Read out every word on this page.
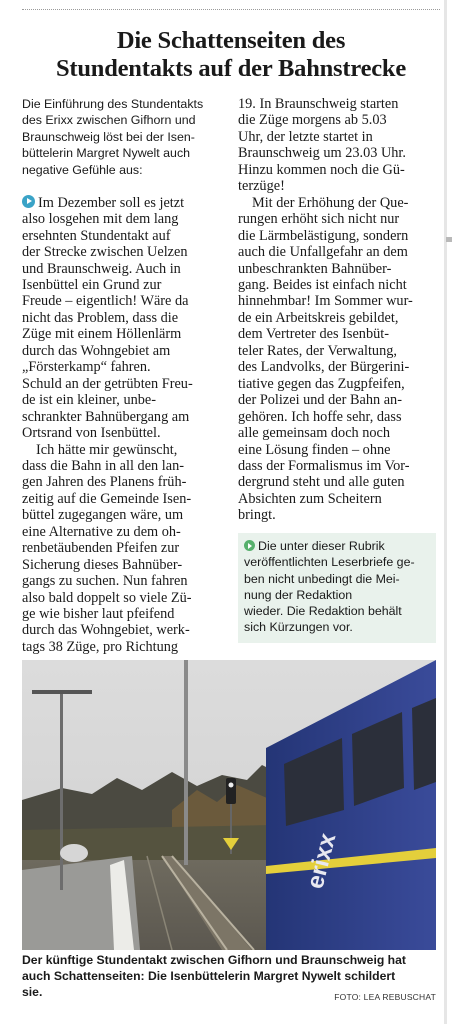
Die Schattenseiten des
Stundentakts auf der Bahnstrecke

Die Einführung des Stundentakts
des Erixx zwischen Gifhorn und
Braunschweig löst bei der Isen-
büttelerin Margret Nywelt auch
negative Gefühle aus:

Im Dezember soll es jetzt
also losgehen mit dem lang
ersehnten Stundentakt auf
der Strecke zwischen Uelzen
und Braunschweig. Auch in
Isenbüttel ein Grund zur
Freude – eigentlich! Wäre da
nicht das Problem, dass die
Züge mit einem Höllenlärm
durch das Wohngebiet am
„Försterkamp“ fahren.
Schuld an der getrübten Freu-
de ist ein kleiner, unbe-
schrankter Bahnübergang am
Ortsrand von Isenbüttel.

Ich hätte mir gewünscht,
dass die Bahn in all den lan-
gen Jahren des Planens früh-
zeitig auf die Gemeinde Isen-
büttel zugegangen wäre, um
eine Alternative zu dem oh-
renbetäubenden Pfeifen zur
Sicherung dieses Bahnüber-
gangs zu suchen. Nun fahren
also bald doppelt so viele Zü-
ge wie bisher laut pfeifend
durch das Wohngebiet, werk-
tags 38 Züge, pro Richtung

19. In Braunschweig starten
die Züge morgens ab 5.03
Uhr, der letzte startet in
Braunschweig um 23.03 Uhr.
Hinzu kommen noch die Gü-
terzüge!

Mit der Erhöhung der Que-
rungen erhöht sich nicht nur
die Lärmbelästigung, sondern
auch die Unfallgefahr an dem
unbeschrankten Bahnüber-
gang. Beides ist einfach nicht
hinnehmbar! Im Sommer wur-
de ein Arbeitskreis gebildet,
dem Vertreter des Isenbüt-
teler Rates, der Verwaltung,
des Landvolks, der Bürgerini-
tiative gegen das Zugpfeifen,
der Polizei und der Bahn an-
gehören. Ich hoffe sehr, dass
alle gemeinsam doch noch
eine Lösung finden – ohne
dass der Formalismus im Vor-
dergrund steht und alle guten
Absichten zum Scheitern
bringt.

Die unter dieser Rubrik
veröffentlichten Leserbriefe ge-
ben nicht unbedingt die Mei-
nung der Redaktion
wieder. Die Redaktion behält
sich Kürzungen vor.
erixx

Der künftige Stundentakt zwischen Gifhorn und Braunschweig hat
auch Schattenseiten: Die Isenbüttelerin Margret Nywelt schildert
sie.	FOTO: LEA REBUSCHAT
